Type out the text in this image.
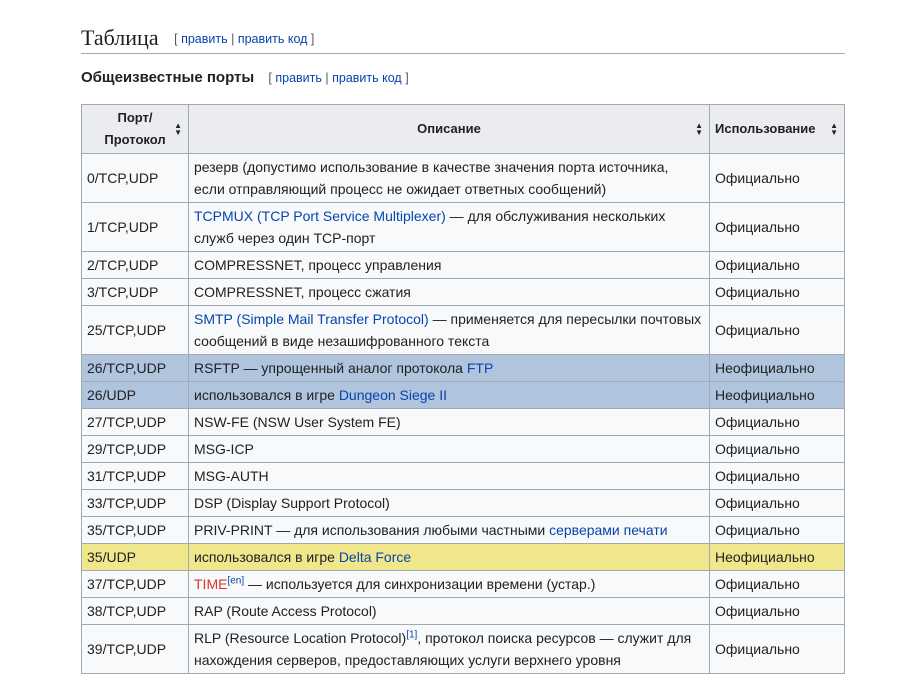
Таблица [ править | править код ]
Общеизвестные порты [ править | править код ]
Порт/
Протокол
▲
▼	Описание ▲
▼	Использование ▲
▼

0/TCP,UDP	резерв (допустимо использование в качестве значения порта источника,
если отправляющий процесс не ожидает ответных сообщений)	Официально
1/TCP,UDP	TCPMUX (TCP Port Service Multiplexer) — для обслуживания нескольких
служб через один TCP-порт	Официально
2/TCP,UDP	COMPRESSNET, процесс управления	Официально
3/TCP,UDP	COMPRESSNET, процесс сжатия	Официально
25/TCP,UDP	SMTP (Simple Mail Transfer Protocol) — применяется для пересылки почтовых
сообщений в виде незашифрованного текста	Официально
26/TCP,UDP	RSFTP — упрощенный аналог протокола FTP	Неофициально
26/UDP	использовался в игре Dungeon Siege II	Неофициально
27/TCP,UDP	NSW-FE (NSW User System FE)	Официально
29/TCP,UDP	MSG-ICP	Официально
31/TCP,UDP	MSG-AUTH	Официально
33/TCP,UDP	DSP (Display Support Protocol)	Официально
35/TCP,UDP	PRIV-PRINT — для использования любыми частными серверами печати	Официально
35/UDP	использовался в игре Delta Force	Неофициально
37/TCP,UDP	TIME[en] — используется для синхронизации времени (устар.)	Официально
38/TCP,UDP	RAP (Route Access Protocol)	Официально
39/TCP,UDP	RLP (Resource Location Protocol)[1], протокол поиска ресурсов — служит для
нахождения серверов, предоставляющих услуги верхнего уровня	Официально
